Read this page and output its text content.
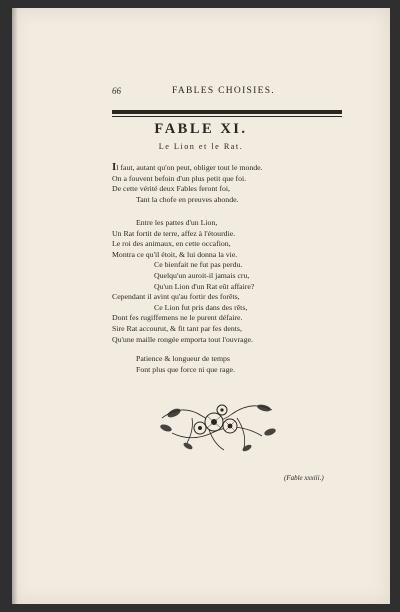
66	FABLES CHOISIES.
FABLE XI.
Le Lion et le Rat.
Il faut, autant qu'on peut, obliger tout le monde.
On a fouvent befoin d'un plus petit que foi.
De cette vérité deux Fables feront foi,
Tant la chofe en preuves abonde.
Entre les pattes d'un Lion,
Un Rat fortit de terre, affez à l'étourdie.
Le roi des animaux, en cette occafion,
Montra ce qu'il étoit, & lui donna la vie.
Ce bienfait ne fut pas perdu.
Quelqu'un auroit-il jamais cru,
Qu'un Lion d'un Rat eût affaire?
Cependant il avint qu'au fortir des forêts,
Ce Lion fut pris dans des rêts,
Dont fes rugiffemens ne le purent défaire.
Sire Rat accourut, & fit tant par fes dents,
Qu'une maille rongée emporta tout l'ouvrage.
Patience & longueur de temps
Font plus que force ni que rage.
(Fable xxxiii.)
